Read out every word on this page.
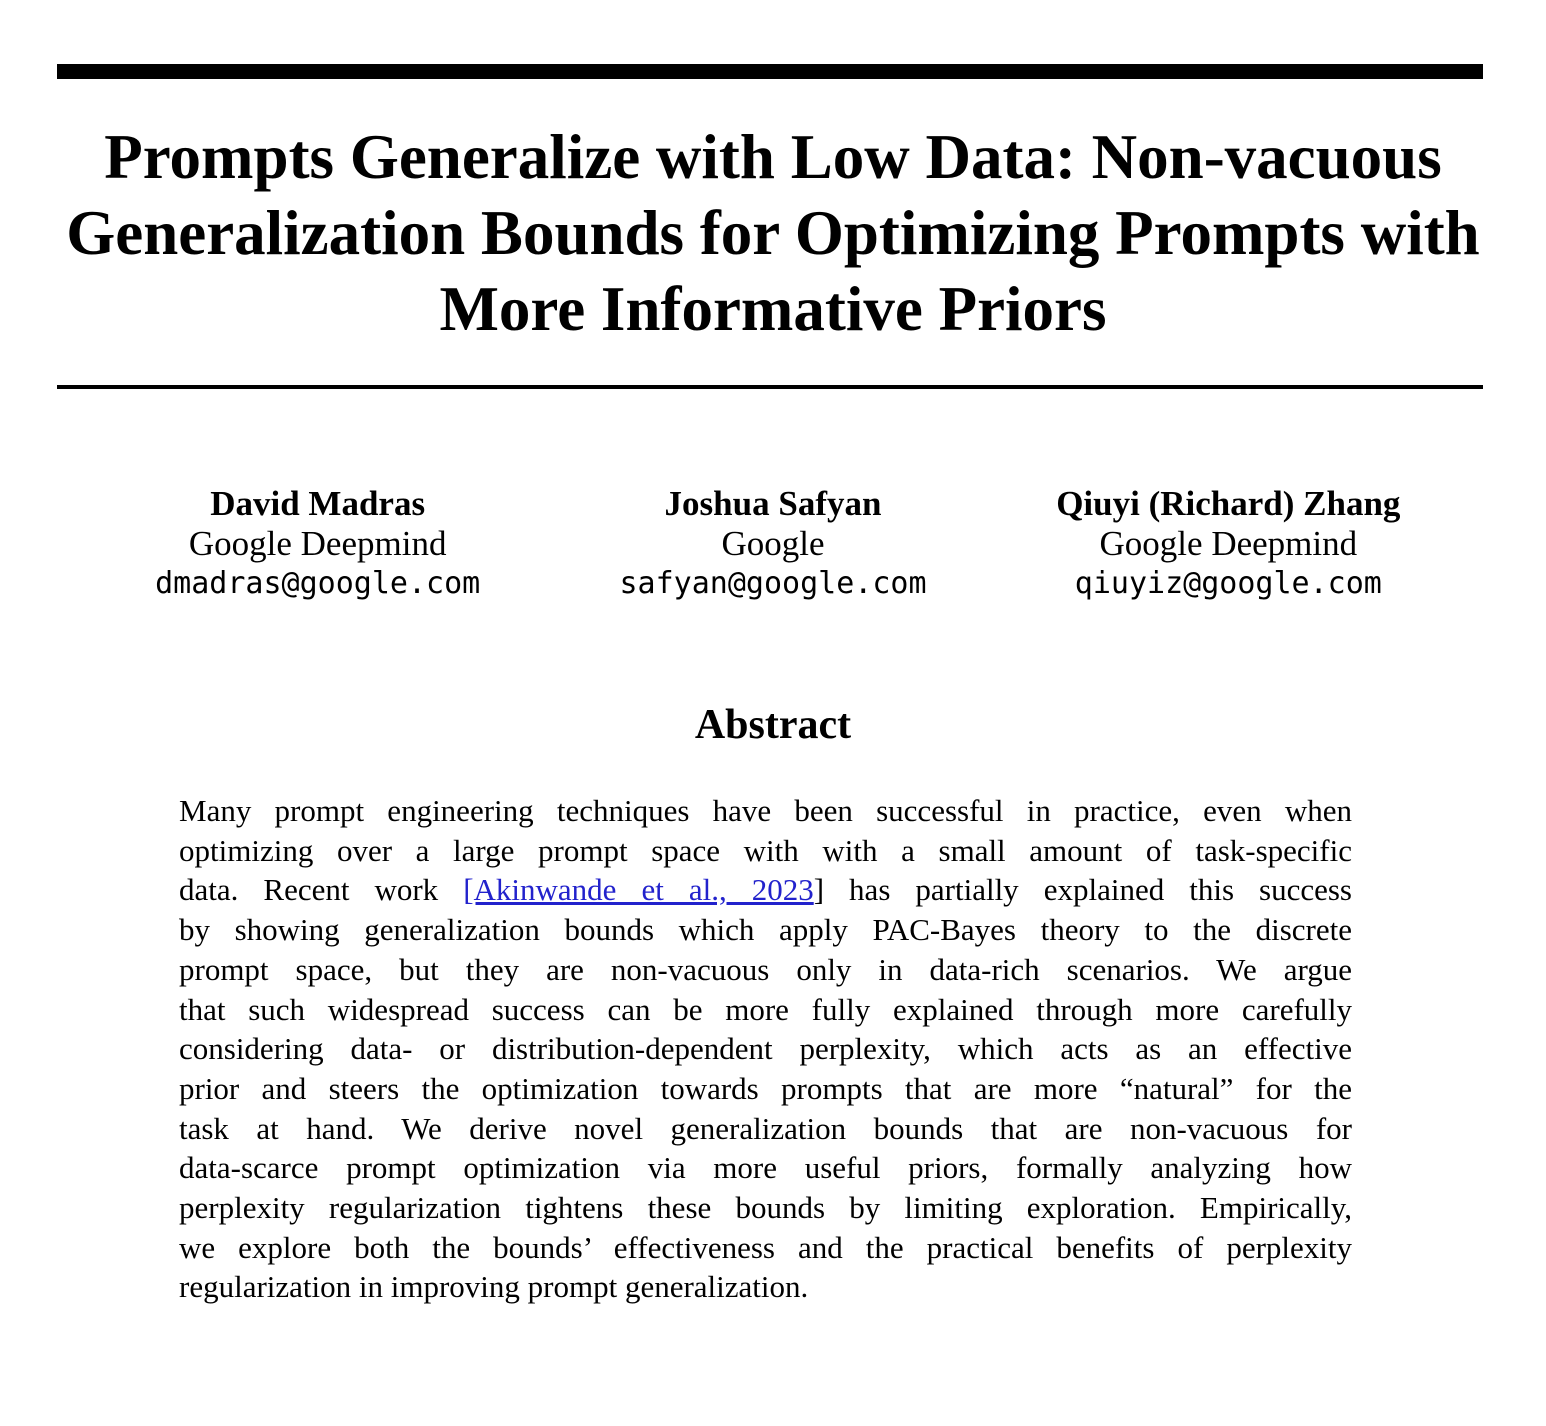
Prompts Generalize with Low Data: Non-vacuous
Generalization Bounds for Optimizing Prompts with
More Informative Priors
David Madras
Google Deepmind
dmadras@google.com
Joshua Safyan
Google
safyan@google.com
Qiuyi (Richard) Zhang
Google Deepmind
qiuyiz@google.com
Abstract
Many prompt engineering techniques have been successful in practice, even when
optimizing over a large prompt space with with a small amount of task-specific
data. Recent work [Akinwande et al., 2023] has partially explained this success
by showing generalization bounds which apply PAC-Bayes theory to the discrete
prompt space, but they are non-vacuous only in data-rich scenarios. We argue
that such widespread success can be more fully explained through more carefully
considering data- or distribution-dependent perplexity, which acts as an effective
prior and steers the optimization towards prompts that are more “natural” for the
task at hand. We derive novel generalization bounds that are non-vacuous for
data-scarce prompt optimization via more useful priors, formally analyzing how
perplexity regularization tightens these bounds by limiting exploration. Empirically,
we explore both the bounds’ effectiveness and the practical benefits of perplexity
regularization in improving prompt generalization.
